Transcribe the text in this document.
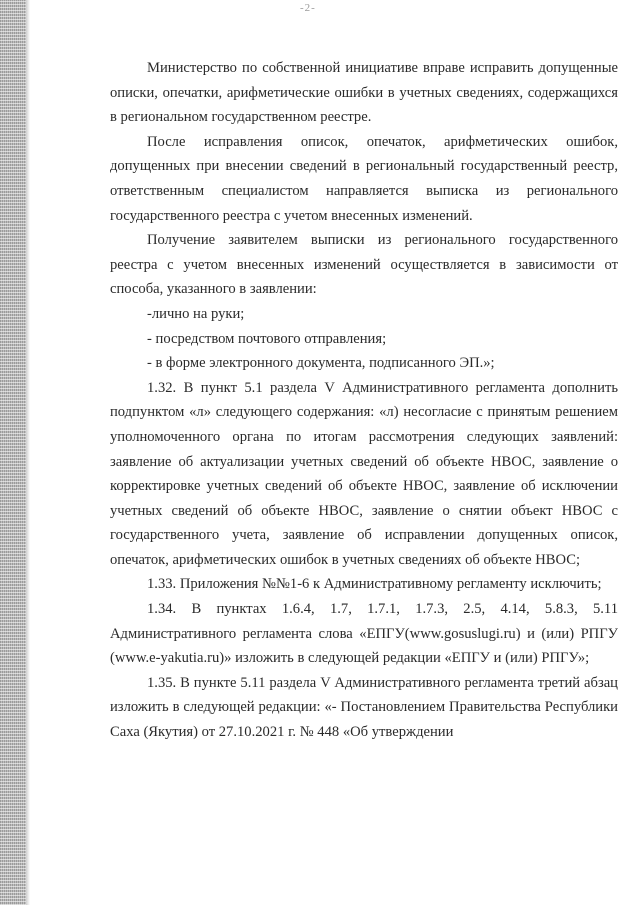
-2-

Министерство по собственной инициативе вправе исправить допущенные описки, опечатки, арифметические ошибки в учетных сведениях, содержащихся в региональном государственном реестре.

После исправления описок, опечаток, арифметических ошибок, допущенных при внесении сведений в региональный государственный реестр, ответственным специалистом направляется выписка из регионального государственного реестра с учетом внесенных изменений.

Получение заявителем выписки из регионального государственного реестра с учетом внесенных изменений осуществляется в зависимости от способа, указанного в заявлении:

-лично на руки;

- посредством почтового отправления;

- в форме электронного документа, подписанного ЭП.»;

1.32. В пункт 5.1 раздела V Административного регламента дополнить подпунктом «л» следующего содержания: «л) несогласие с принятым решением уполномоченного органа по итогам рассмотрения следующих заявлений: заявление об актуализации учетных сведений об объекте НВОС, заявление о корректировке учетных сведений об объекте НВОС, заявление об исключении учетных сведений об объекте НВОС, заявление о снятии объект НВОС с государственного учета, заявление об исправлении допущенных описок, опечаток, арифметических ошибок в учетных сведениях об объекте НВОС;

1.33. Приложения №№1-6 к Административному регламенту исключить;

1.34. В пунктах 1.6.4, 1.7, 1.7.1, 1.7.3, 2.5, 4.14, 5.8.3, 5.11 Административного регламента слова «ЕПГУ(www.gosuslugi.ru) и (или) РПГУ (www.e-yakutia.ru)» изложить в следующей редакции «ЕПГУ и (или) РПГУ»;

1.35. В пункте 5.11 раздела V Административного регламента третий абзац изложить в следующей редакции: «- Постановлением Правительства Республики Саха (Якутия) от 27.10.2021 г. № 448 «Об утверждении
